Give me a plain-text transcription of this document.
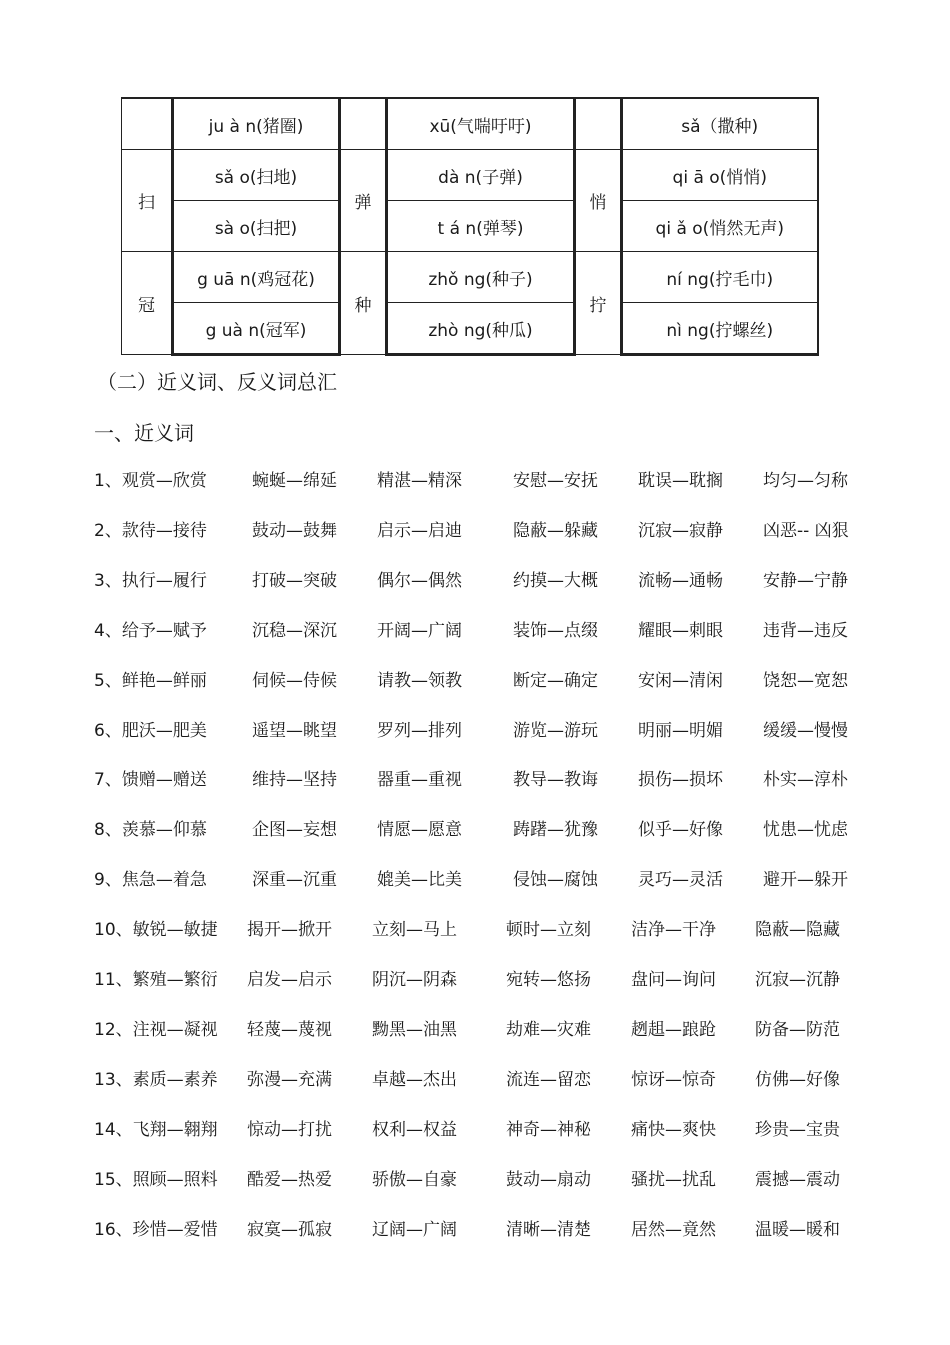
	ju à n(猪圈)		xū(气喘吁吁)		sǎ（撒种)
扫	sǎ o(扫地)	弹	dà n(子弹)	悄	qi ā o(悄悄)
	sà o(扫把)		t á n(弹琴)		qi ǎ o(悄然无声)
冠	g uā n(鸡冠花)	种	zhǒ ng(种子)	拧	ní ng(拧毛巾)
	g uà n(冠军)		zhò ng(种瓜)		nì ng(拧螺丝)
（二）近义词、反义词总汇
一、近义词
1、观赏—欣赏	蜿蜒—绵延 精湛—精深	安慰—安抚 耽误—耽搁 均匀—匀称
2、款待—接待	鼓动—鼓舞 启示—启迪	隐蔽—躲藏 沉寂—寂静 凶恶-- 凶狠
3、执行—履行	打破—突破 偶尔—偶然	约摸—大概 流畅—通畅 安静—宁静
4、给予—赋予	沉稳—深沉 开阔—广阔	装饰—点缀 耀眼—刺眼 违背—违反
5、鲜艳—鲜丽	伺候—侍候 请教—领教	断定—确定 安闲—清闲 饶恕—宽恕
6、肥沃—肥美	遥望—眺望 罗列—排列	游览—游玩 明丽—明媚 缓缓—慢慢
7、馈赠—赠送	维持—坚持 器重—重视	教导—教诲 损伤—损坏 朴实—淳朴
8、羡慕—仰慕	企图—妄想 情愿—愿意	踌躇—犹豫 似乎—好像 忧患—忧虑
9、焦急—着急	深重—沉重 媲美—比美	侵蚀—腐蚀 灵巧—灵活 避开—躲开
10、敏锐—敏捷 揭开—掀开 立刻—马上	顿时—立刻 洁净—干净 隐蔽—隐藏
11、繁殖—繁衍 启发—启示 阴沉—阴森	宛转—悠扬 盘问—询问 沉寂—沉静
12、注视—凝视 轻蔑—蔑视 黝黑—油黑	劫难—灾难 趔趄—踉跄 防备—防范
13、素质—素养 弥漫—充满 卓越—杰出	流连—留恋 惊讶—惊奇 仿佛—好像
14、飞翔—翱翔 惊动—打扰 权利—权益	神奇—神秘 痛快—爽快 珍贵—宝贵
15、照顾—照料 酷爱—热爱 骄傲—自豪	鼓动—扇动 骚扰—扰乱 震撼—震动
16、珍惜—爱惜 寂寞—孤寂 辽阔—广阔	清晰—清楚 居然—竟然 温暖—暖和
